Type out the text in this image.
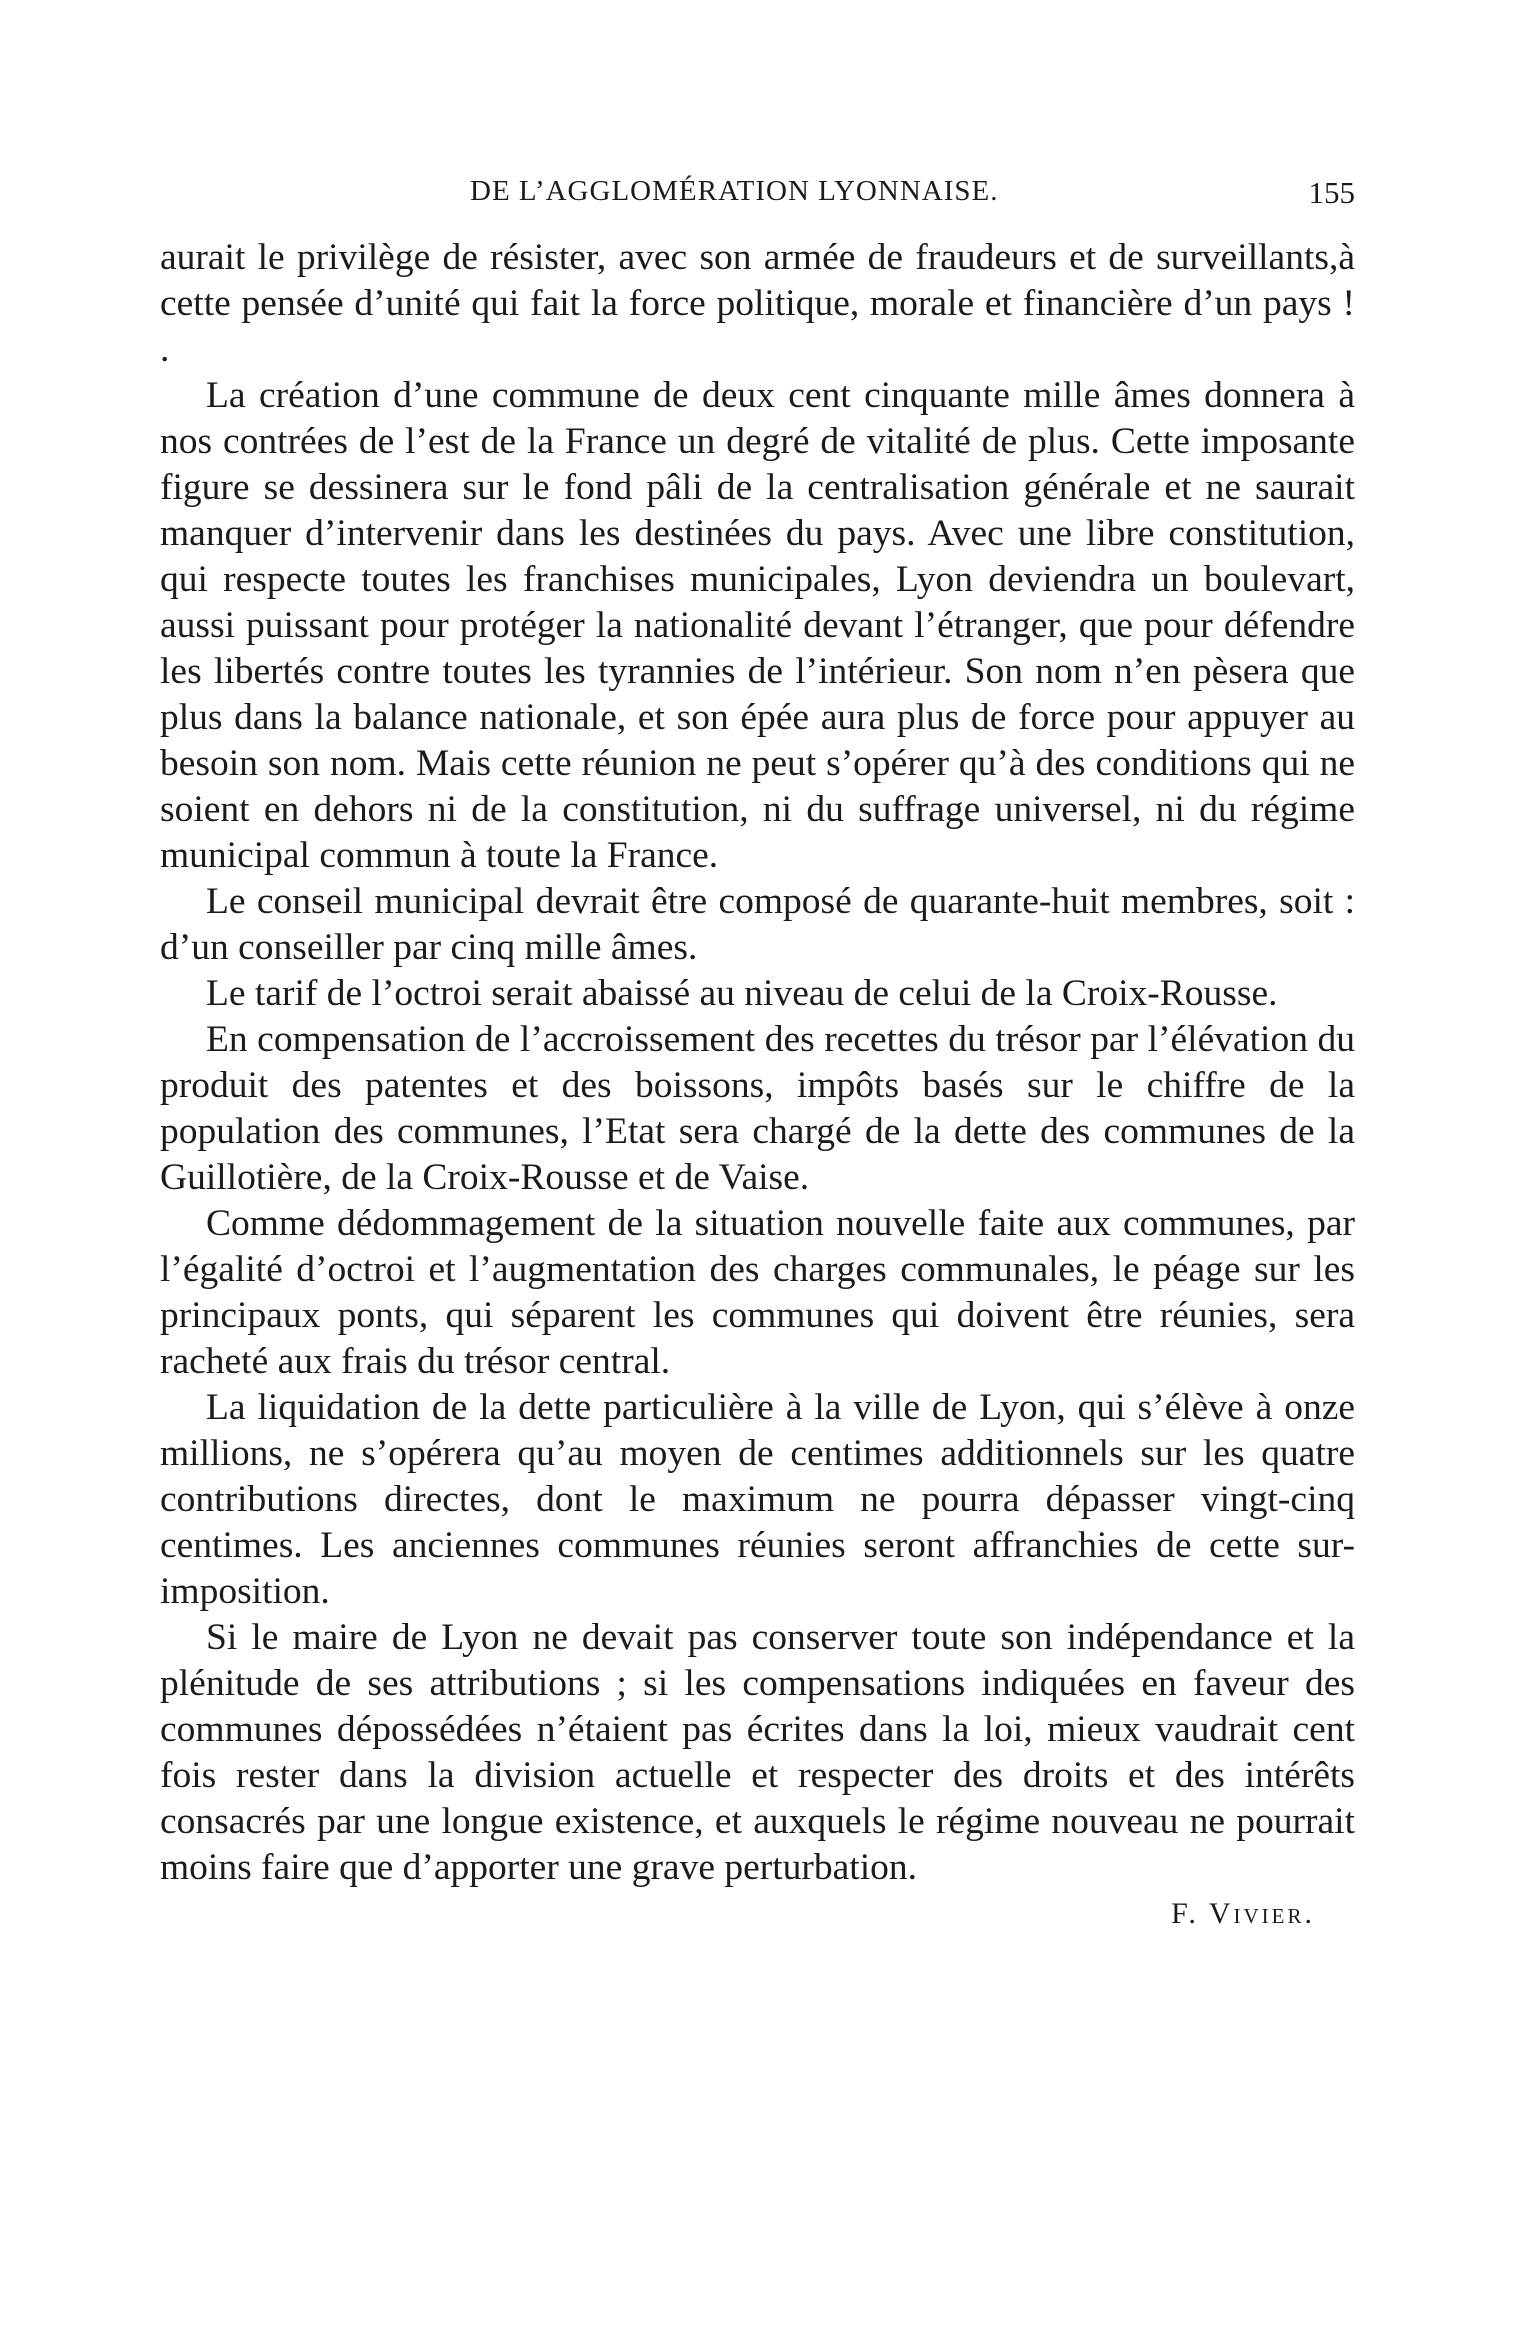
DE L’AGGLOMÉRATION LYONNAISE.	155

aurait le privilège de résister, avec son armée de fraudeurs et de surveillants,à cette pensée d’unité qui fait la force politique, morale et financière d’un pays ! .

La création d’une commune de deux cent cinquante mille âmes donnera à nos contrées de l’est de la France un degré de vitalité de plus. Cette imposante figure se dessinera sur le fond pâli de la centralisation générale et ne saurait manquer d’intervenir dans les destinées du pays. Avec une libre constitution, qui respecte toutes les franchises municipales, Lyon deviendra un boulevart, aussi puissant pour protéger la nationalité devant l’étranger, que pour défendre les libertés contre toutes les tyrannies de l’intérieur. Son nom n’en pèsera que plus dans la balance nationale, et son épée aura plus de force pour appuyer au besoin son nom. Mais cette réunion ne peut s’opérer qu’à des conditions qui ne soient en dehors ni de la constitution, ni du suffrage universel, ni du régime municipal commun à toute la France.

Le conseil municipal devrait être composé de quarante-huit membres, soit : d’un conseiller par cinq mille âmes.

Le tarif de l’octroi serait abaissé au niveau de celui de la Croix-Rousse.

En compensation de l’accroissement des recettes du trésor par l’élévation du produit des patentes et des boissons, impôts basés sur le chiffre de la population des communes, l’Etat sera chargé de la dette des communes de la Guillotière, de la Croix-Rousse et de Vaise.

Comme dédommagement de la situation nouvelle faite aux communes, par l’égalité d’octroi et l’augmentation des charges communales, le péage sur les principaux ponts, qui séparent les communes qui doivent être réunies, sera racheté aux frais du trésor central.

La liquidation de la dette particulière à la ville de Lyon, qui s’élève à onze millions, ne s’opérera qu’au moyen de centimes additionnels sur les quatre contributions directes, dont le maximum ne pourra dépasser vingt-cinq centimes. Les anciennes communes réunies seront affranchies de cette sur-imposition.

Si le maire de Lyon ne devait pas conserver toute son indépendance et la plénitude de ses attributions ; si les compensations indiquées en faveur des communes dépossédées n’étaient pas écrites dans la loi, mieux vaudrait cent fois rester dans la division actuelle et respecter des droits et des intérêts consacrés par une longue existence, et auxquels le régime nouveau ne pourrait moins faire que d’apporter une grave perturbation.

F. Vivier.
